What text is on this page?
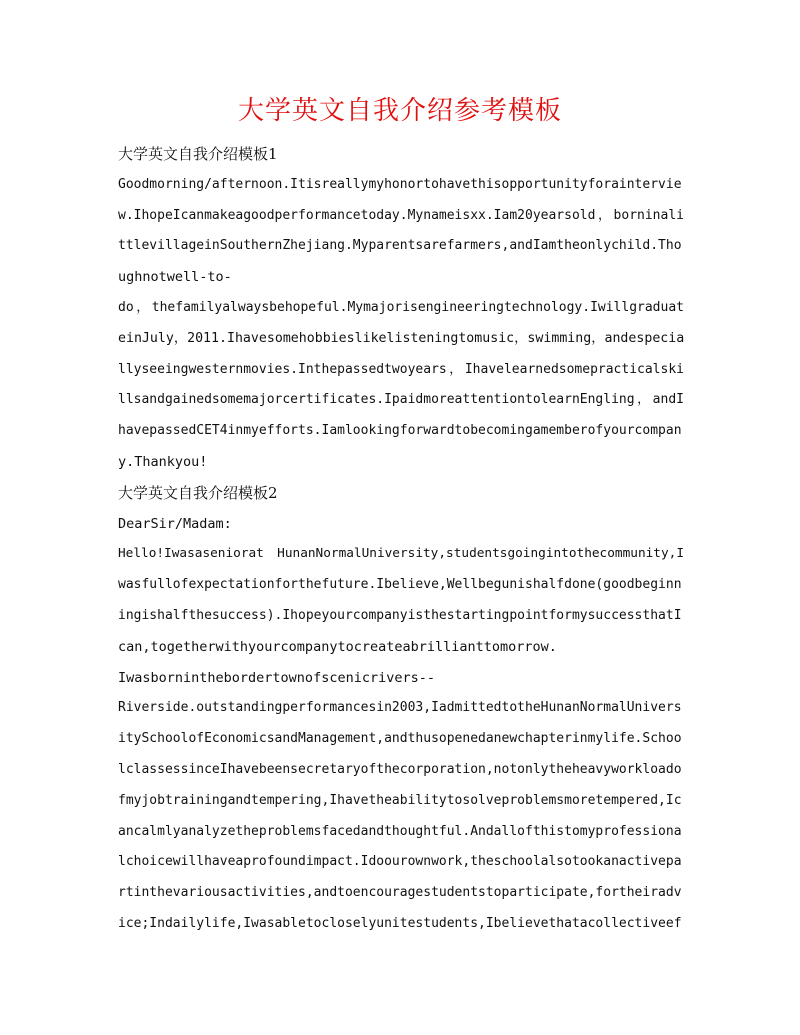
大学英文自我介绍参考模板
大学英文自我介绍模板1
Goodmorning/afternoon.Itisreallymyhonortohavethisopportunityforaintervie
w.IhopeIcanmakeagoodperformancetoday.Mynameisxx.Iam20yearsold，borninali
ttlevillageinSouthernZhejiang.Myparentsarefarmers,andIamtheonlychild.Tho
ughnotwell-to-
do，thefamilyalwaysbehopeful.Mymajorisengineeringtechnology.Iwillgraduat
einJuly，2011.Ihavesomehobbieslikelisteningtomusic，swimming，andespecia
llyseeingwesternmovies.Inthepassedtwoyears，Ihavelearnedsomepracticalski
llsandgainedsomemajorcertificates.IpaidmoreattentiontolearnEngling，andI
havepassedCET4inmyefforts.Iamlookingforwardtobecomingamemberofyourcompan
y.Thankyou!
大学英文自我介绍模板2
DearSir/Madam:
Hello!Iwasaseniorat HunanNormalUniversity,studentsgoingintothecommunity,I
wasfullofexpectationforthefuture.Ibelieve,Wellbegunishalfdone(goodbeginn
ingishalfthesuccess).IhopeyourcompanyisthestartingpointformysuccessthatI
can,togetherwithyourcompanytocreateabrillianttomorrow.
Iwasborninthebordertownofscenicrivers--
Riverside.outstandingperformancesin2003,IadmittedtotheHunanNormalUnivers
itySchoolofEconomicsandManagement,andthusopenedanewchapterinmylife.Schoo
lclassessinceIhavebeensecretaryofthecorporation,notonlytheheavyworkloado
fmyjobtrainingandtempering,Ihavetheabilitytosolveproblemsmoretempered,Ic
ancalmlyanalyzetheproblemsfacedandthoughtful.Andallofthistomyprofessiona
lchoicewillhaveaprofoundimpact.Idoourownwork,theschoolalsotookanactivepa
rtinthevariousactivities,andtoencouragestudentstoparticipate,fortheiradv
ice;Indailylife,Iwasabletocloselyunitestudents,Ibelievethatacollectiveef
